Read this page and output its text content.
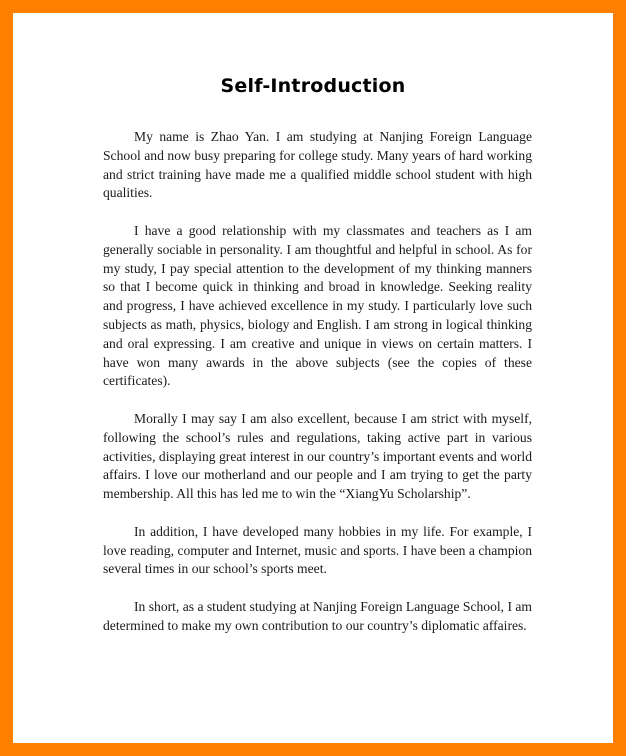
Self-Introduction

My name is Zhao Yan. I am studying at Nanjing Foreign Language School and now busy preparing for college study. Many years of hard working and strict training have made me a qualified middle school student with high qualities.

I have a good relationship with my classmates and teachers as I am generally sociable in personality. I am thoughtful and helpful in school. As for my study, I pay special attention to the development of my thinking manners so that I become quick in thinking and broad in knowledge. Seeking reality and progress, I have achieved excellence in my study. I particularly love such subjects as math, physics, biology and English. I am strong in logical thinking and oral expressing. I am creative and unique in views on certain matters. I have won many awards in the above subjects (see the copies of these certificates).

Morally I may say I am also excellent, because I am strict with myself, following the school’s rules and regulations, taking active part in various activities, displaying great interest in our country’s important events and world affairs. I love our motherland and our people and I am trying to get the party membership. All this has led me to win the “XiangYu Scholarship”.

In addition, I have developed many hobbies in my life. For example, I love reading, computer and Internet, music and sports. I have been a champion several times in our school’s sports meet.

In short, as a student studying at Nanjing Foreign Language School, I am determined to make my own contribution to our country’s diplomatic affaires.
